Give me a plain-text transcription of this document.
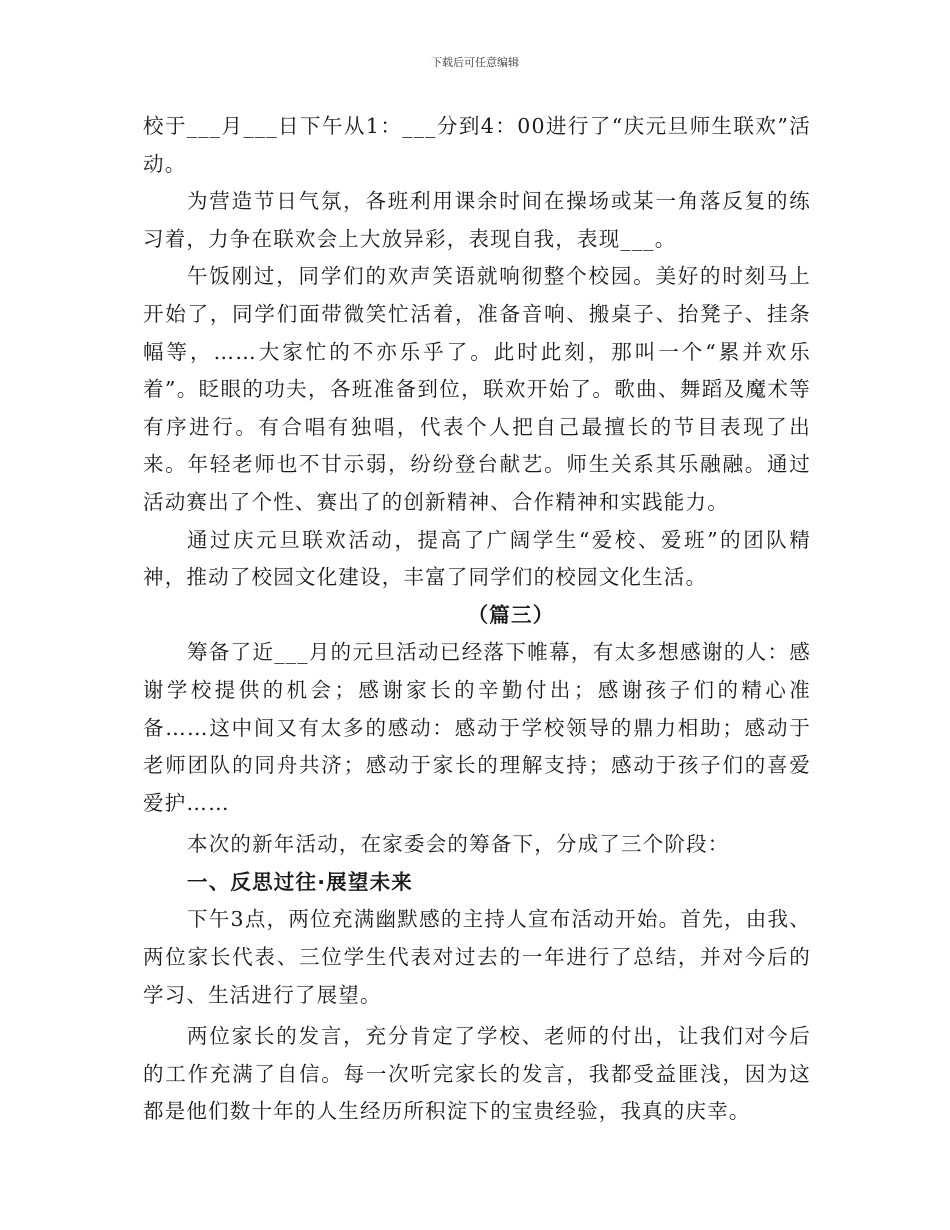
下载后可任意编辑

校于___月___日下午从1：___分到4：00进行了“庆元旦师生联欢”活动。

为营造节日气氛，各班利用课余时间在操场或某一角落反复的练习着，力争在联欢会上大放异彩，表现自我，表现___。

午饭刚过，同学们的欢声笑语就响彻整个校园。美好的时刻马上开始了，同学们面带微笑忙活着，准备音响、搬桌子、抬凳子、挂条幅等，……大家忙的不亦乐乎了。此时此刻，那叫一个“累并欢乐着”。眨眼的功夫，各班准备到位，联欢开始了。歌曲、舞蹈及魔术等有序进行。有合唱有独唱，代表个人把自己最擅长的节目表现了出来。年轻老师也不甘示弱，纷纷登台献艺。师生关系其乐融融。通过活动赛出了个性、赛出了的创新精神、合作精神和实践能力。

通过庆元旦联欢活动，提高了广阔学生“爱校、爱班”的团队精神，推动了校园文化建设，丰富了同学们的校园文化生活。

（篇三）

筹备了近___月的元旦活动已经落下帷幕，有太多想感谢的人：感谢学校提供的机会；感谢家长的辛勤付出；感谢孩子们的精心准备……这中间又有太多的感动：感动于学校领导的鼎力相助；感动于老师团队的同舟共济；感动于家长的理解支持；感动于孩子们的喜爱爱护……

本次的新年活动，在家委会的筹备下，分成了三个阶段：

一、反思过往·展望未来

下午3点，两位充满幽默感的主持人宣布活动开始。首先，由我、两位家长代表、三位学生代表对过去的一年进行了总结，并对今后的学习、生活进行了展望。

两位家长的发言，充分肯定了学校、老师的付出，让我们对今后的工作充满了自信。每一次听完家长的发言，我都受益匪浅，因为这都是他们数十年的人生经历所积淀下的宝贵经验，我真的庆幸。
